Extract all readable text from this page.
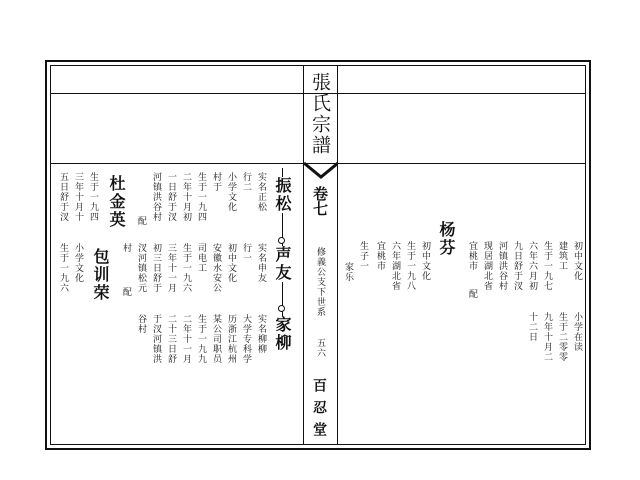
張氏宗譜
卷七
修義公支下世系
五六
百忍堂
初中文化
建筑工
生于一九七
六年六月初
九日舒于汊
河镇洪谷村
现居湖北省
宜桃市
配
小学在读
生于二零零
九年十月二
十二日
杨芬
初中文化
生于一九八
六年湖北省
宜桃市
生子一
家乐
振松
声友
家柳
实名正松
行二
小学文化
村于
生于一九四
二年十月初
一日舒于汊
河镇洪谷村
配
杜金英
生于一九四
三年十月十
五日舒于汊
实名申友
行一
初中文化
安徽水安公
司电工
生于一九六
三年十一月
初三日舒于
汊河镇松元
村
配
包训荣
生于一九六 小学文化
实名柳柳
大学专科学
历浙江杭州
某公司职员
生于一九九
二年十一月
二十三日舒
于汊河镇洪
谷村
